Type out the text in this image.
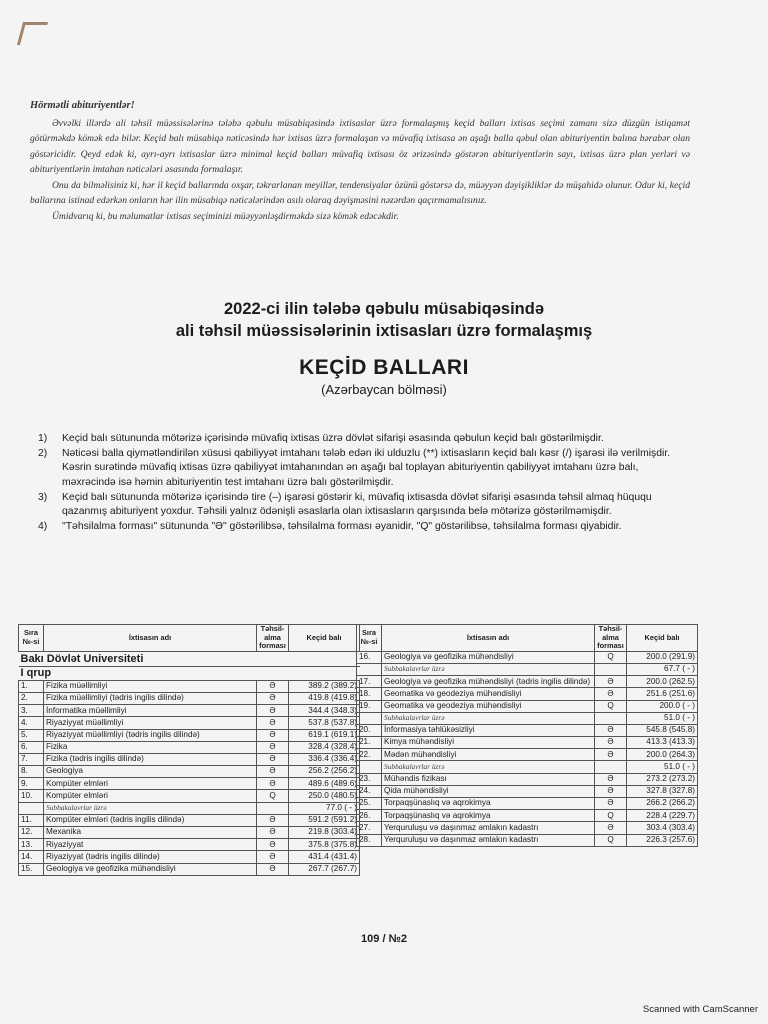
Hörmətli abituriyentlər!

Əvvəlki illərdə ali təhsil müəssisələrinə tələbə qəbulu müsabiqəsində ixtisaslar üzrə formalaşmış keçid balları ixtisas seçimi zamanı sizə düzgün istiqamət götürməkdə kömək edə bilər. Keçid balı müsabiqə nəticəsində hər ixtisas üzrə formalaşan və müvafiq ixtisasa ən aşağı balla qəbul olan abituriyentin balına bərabər olan göstəricidir. Qeyd edək ki, ayrı-ayrı ixtisaslar üzrə minimal keçid balları müvafiq ixtisası öz ərizəsində göstərən abituriyentlərin sayı, ixtisas üzrə plan yerləri və abituriyentlərin imtahan nəticələri əsasında formalaşır.

Onu da bilməlisiniz ki, hər il keçid ballarında oxşar, təkrarlanan meyillər, tendensiyalar özünü göstərsə də, müəyyən dəyişikliklər də müşahidə olunur. Odur ki, keçid ballarına istinad edərkən onların hər ilin müsabiqə nəticələrindən asılı olaraq dəyişməsini nəzərdən qaçırmamalısınız.

Ümidvarıq ki, bu məlumatlar ixtisas seçiminizi müəyyənləşdirməkdə sizə kömək edəcəkdir.

2022-ci ilin tələbə qəbulu müsabiqəsində
ali təhsil müəssisələrinin ixtisasları üzrə formalaşmış
KEÇİD BALLARI
(Azərbaycan bölməsi)
1) Keçid balı sütununda mötərizə içərisində müvafiq ixtisas üzrə dövlət sifarişi əsasında qəbulun keçid balı göstərilmişdir.
2) Nəticəsi balla qiymətləndirilən xüsusi qabiliyyət imtahanı tələb edən iki ulduzlu (**) ixtisasların keçid balı kəsr (/) işarəsi ilə verilmişdir. Kəsrin surətində müvafiq ixtisas üzrə qabiliyyət imtahanından ən aşağı bal toplayan abituriyentin qabiliyyət imtahanı üzrə balı, məxrəcində isə həmin abituriyentin test imtahanı üzrə balı göstərilmişdir.
3) Keçid balı sütununda mötərizə içərisində tire (–) işarəsi göstərir ki, müvafiq ixtisasda dövlət sifarişi əsasında təhsil almaq hüququ qazanmış abituriyent yoxdur. Təhsili yalnız ödənişli əsaslarla olan ixtisasların qarşısında belə mötərizə göstərilməmişdir.
4) "Təhsilalma forması" sütununda "Ə" göstərilibsə, təhsilalma forması əyanidir, "Q" göstərilibsə, təhsilalma forması qiyabidir.
Sıra №-si	İxtisasın adı	Təhsil-alma forması	Keçid balı
Bakı Dövlət Universiteti			
I qrup			
1.	Fizika müəllimliyi	Ə	389.2 (389.2)
2.	Fizika müəllimliyi (tədris ingilis dilində)	Ə	419.8 (419.8)
3.	İnformatika müəllimliyi	Ə	344.4 (348.3)
4.	Riyaziyyat müəllimliyi	Ə	537.8 (537.8)
5.	Riyaziyyat müəllimliyi (tədris ingilis dilində)	Ə	619.1 (619.1)
6.	Fizika	Ə	328.4 (328.4)
7.	Fizika (tədris ingilis dilində)	Ə	336.4 (336.4)
8.	Geologiya	Ə	256.2 (256.2)
9.	Kompüter elmləri	Ə	489.6 (489.6)
10.	Kompüter elmləri	Q	250.0 (480.5)
	Subbakalavrlar üzrə		77.0 ( - )
11.	Kompüter elmləri (tədris ingilis dilində)	Ə	591.2 (591.2)
12.	Mexanika	Ə	219.8 (303.4)
13.	Riyaziyyat	Ə	375.8 (375.8)
14.	Riyaziyyat (tədris ingilis dilində)	Ə	431.4 (431.4)
15.	Geologiya və geofizika mühəndisliyi	Ə	267.7 (267.7)
Sıra №-si	İxtisasın adı	Təhsil-alma forması	Keçid balı
16.	Geologiya və geofizika mühəndisliyi	Q	200.0 (291.9)
	Subbakalavrlar üzrə		67.7 ( - )
17.	Geologiya və geofizika mühəndisliyi (tədris ingilis dilində)	Ə	200.0 (262.5)
18.	Geomatika və geodeziya mühəndisliyi	Ə	251.6 (251.6)
19.	Geomatika və geodeziya mühəndisliyi	Q	200.0 ( - )
	Subbakalavrlar üzrə		51.0 ( - )
20.	İnformasiya təhlükəsizliyi	Ə	545.8 (545.8)
21.	Kimya mühəndisliyi	Ə	413.3 (413.3)
22.	Mədən mühəndisliyi	Ə	200.0 (264.3)
	Subbakalavrlar üzrə		51.0 ( - )
23.	Mühəndis fizikası	Ə	273.2 (273.2)
24.	Qida mühəndisliyi	Ə	327.8 (327.8)
25.	Torpaqşünaslıq və aqrokimya	Ə	266.2 (266.2)
26.	Torpaqşünaslıq və aqrokimya	Q	228.4 (229.7)
27.	Yerquruluşu və daşınmaz əmlakın kadastrı	Ə	303.4 (303.4)
28.	Yerquruluşu və daşınmaz əmlakın kadastrı	Q	226.3 (257.6)
109 / №2
Scanned with CamScanner
